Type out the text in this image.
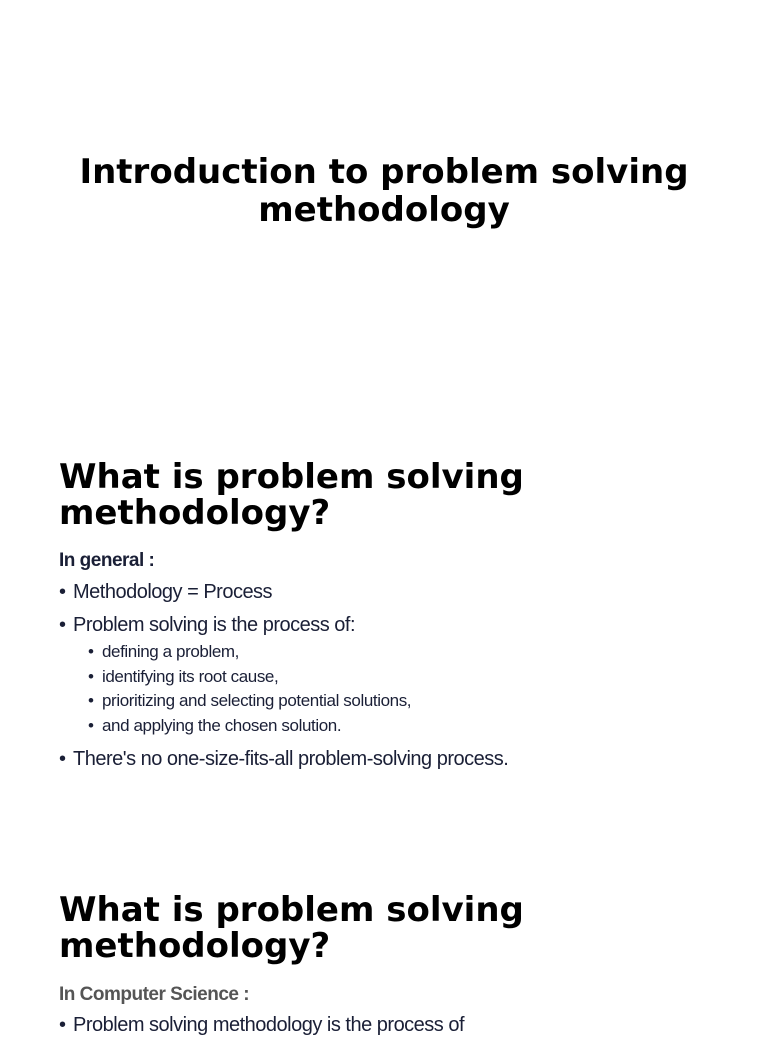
Introduction to problem solving methodology
What is problem solving methodology?
In general :
• Methodology = Process
• Problem solving is the process of:
• defining a problem,
• identifying its root cause,
• prioritizing and selecting potential solutions,
• and applying the chosen solution.
• There's no one-size-fits-all problem-solving process.
What is problem solving methodology?
In Computer Science :
• Problem solving methodology is the process of
